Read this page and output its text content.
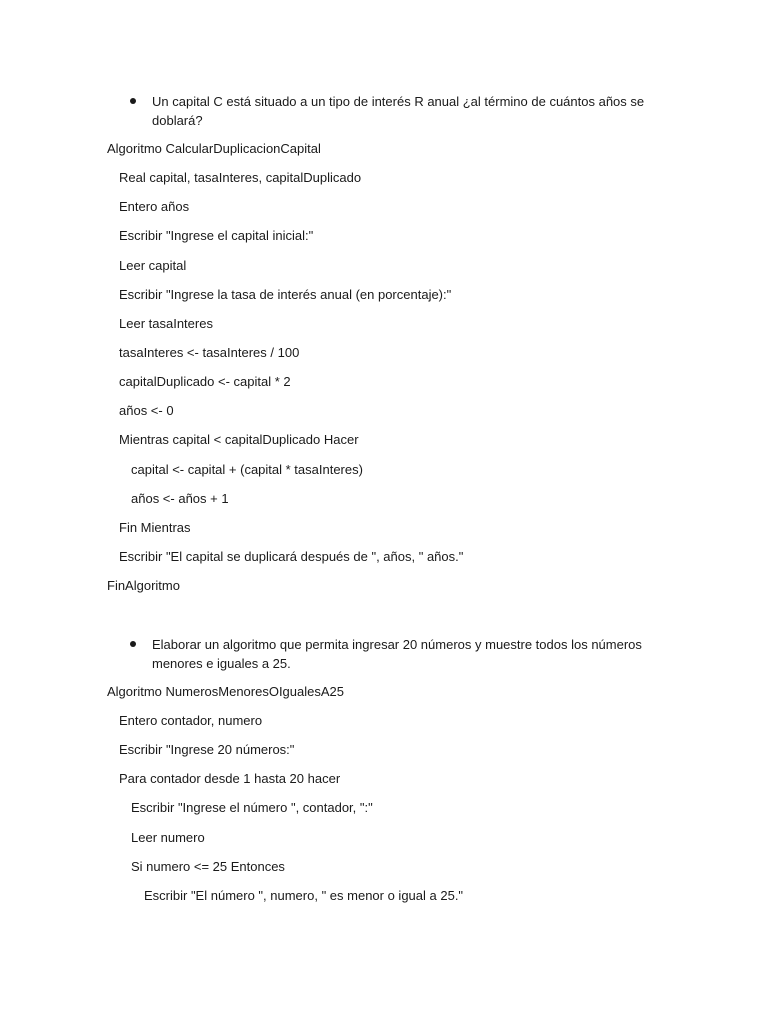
Un capital C está situado a un tipo de interés R anual ¿al término de cuántos años se doblará?
Algoritmo CalcularDuplicacionCapital
Real capital, tasaInteres, capitalDuplicado
Entero años
Escribir "Ingrese el capital inicial:"
Leer capital
Escribir "Ingrese la tasa de interés anual (en porcentaje):"
Leer tasaInteres
tasaInteres <- tasaInteres / 100
capitalDuplicado <- capital * 2
años <- 0
Mientras capital < capitalDuplicado Hacer
capital <- capital + (capital * tasaInteres)
años <- años + 1
Fin Mientras
Escribir "El capital se duplicará después de ", años, " años."
FinAlgoritmo
Elaborar un algoritmo que permita ingresar 20 números y muestre todos los números menores e iguales a 25.
Algoritmo NumerosMenoresOIgualesA25
Entero contador, numero
Escribir "Ingrese 20 números:"
Para contador desde 1 hasta 20 hacer
Escribir "Ingrese el número ", contador, ":"
Leer numero
Si numero <= 25 Entonces
Escribir "El número ", numero, " es menor o igual a 25."
